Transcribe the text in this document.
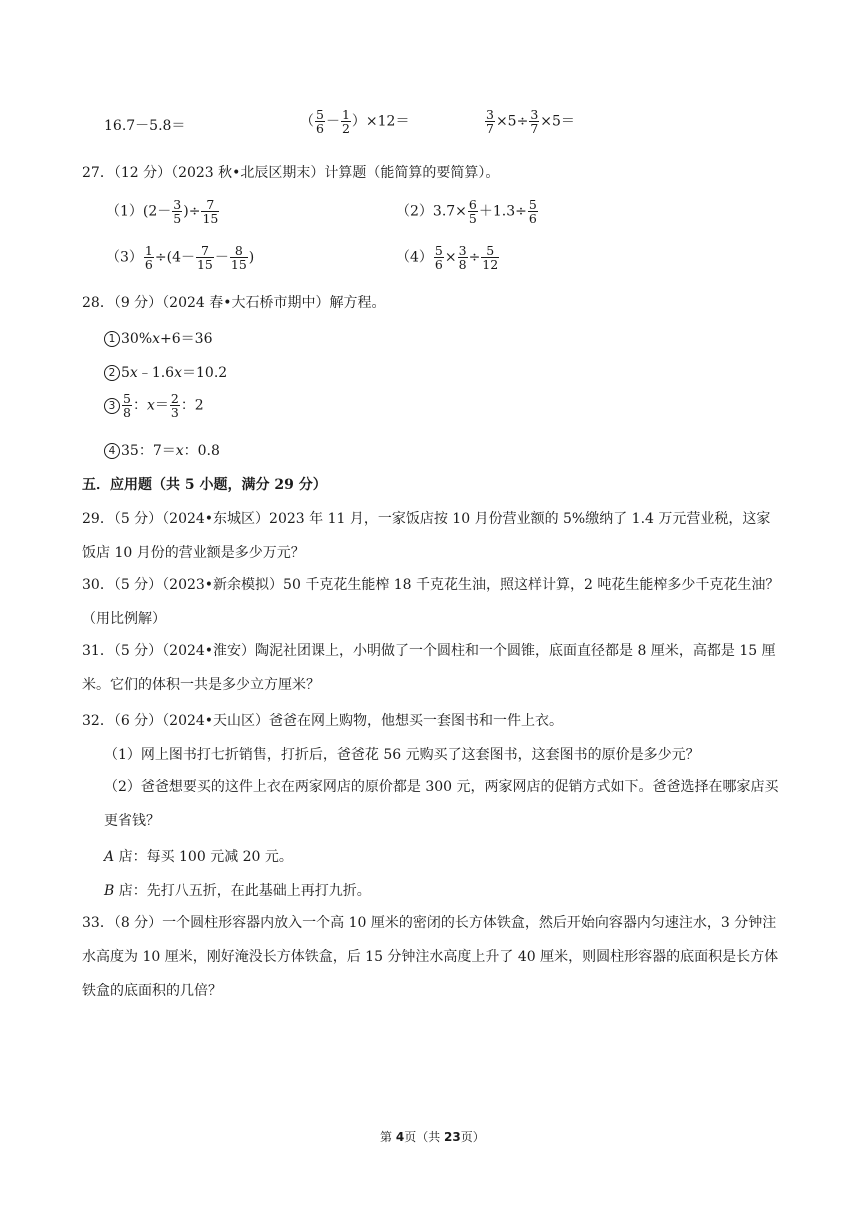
16.7－5.8＝	（ $\frac{5}{6} - \frac{1}{2} )\times 12=$	$\frac{3}{7} \times 5\div \frac{3}{7} \times 5=$
27．（12 分）（2023 秋•北辰区期末）计算题（能简算的要简算）。
$(1)(2- \frac{3}{5}$ )÷ $\frac{7}{15}$	$(2)3.7\times \frac{6}{5} +1.3\div \frac{5}{6}$
$(3) \frac{1}{6} \div(4- \frac{7}{15} - \frac{8}{15}$ )	$(4) \frac{5}{6} \times \frac{3}{8} \div \frac{5}{12}$
28．（9 分）（2024 春•大石桥市期中）解方程。
1 30%x+6＝36
2 5x﹣1.6x＝10.2
$3 \frac{5}{8}$ ：$x= \frac{2}{3}$ ：2
4 35：7＝x：0.8
五．应用题（共 5 小题，满分 29 分）
29．（5 分）（2024•东城区）2023 年 11 月，一家饭店按 10 月份营业额的 5%缴纳了 1.4 万元营业税，这家饭店 10 月份的营业额是多少万元？
30．（5 分）（2023•新余模拟）50 千克花生能榨 18 千克花生油，照这样计算，2 吨花生能榨多少千克花生油？（用比例解）
31．（5 分）（2024•淮安）陶泥社团课上，小明做了一个圆柱和一个圆锥，底面直径都是 8 厘米，高都是 15 厘米。它们的体积一共是多少立方厘米？
32．（6 分）（2024•天山区）爸爸在网上购物，他想买一套图书和一件上衣。
（1）网上图书打七折销售，打折后，爸爸花 56 元购买了这套图书，这套图书的原价是多少元？
（2）爸爸想要买的这件上衣在两家网店的原价都是 300 元，两家网店的促销方式如下。爸爸选择在哪家店买更省钱？
A 店：每买 100 元减 20 元。
B 店：先打八五折，在此基础上再打九折。
33．（8 分）一个圆柱形容器内放入一个高 10 厘米的密闭的长方体铁盒，然后开始向容器内匀速注水，3 分钟注水高度为 10 厘米，刚好淹没长方体铁盒，后 15 分钟注水高度上升了 40 厘米，则圆柱形容器的底面积是长方体铁盒的底面积的几倍？
第 4页（共 23页）
